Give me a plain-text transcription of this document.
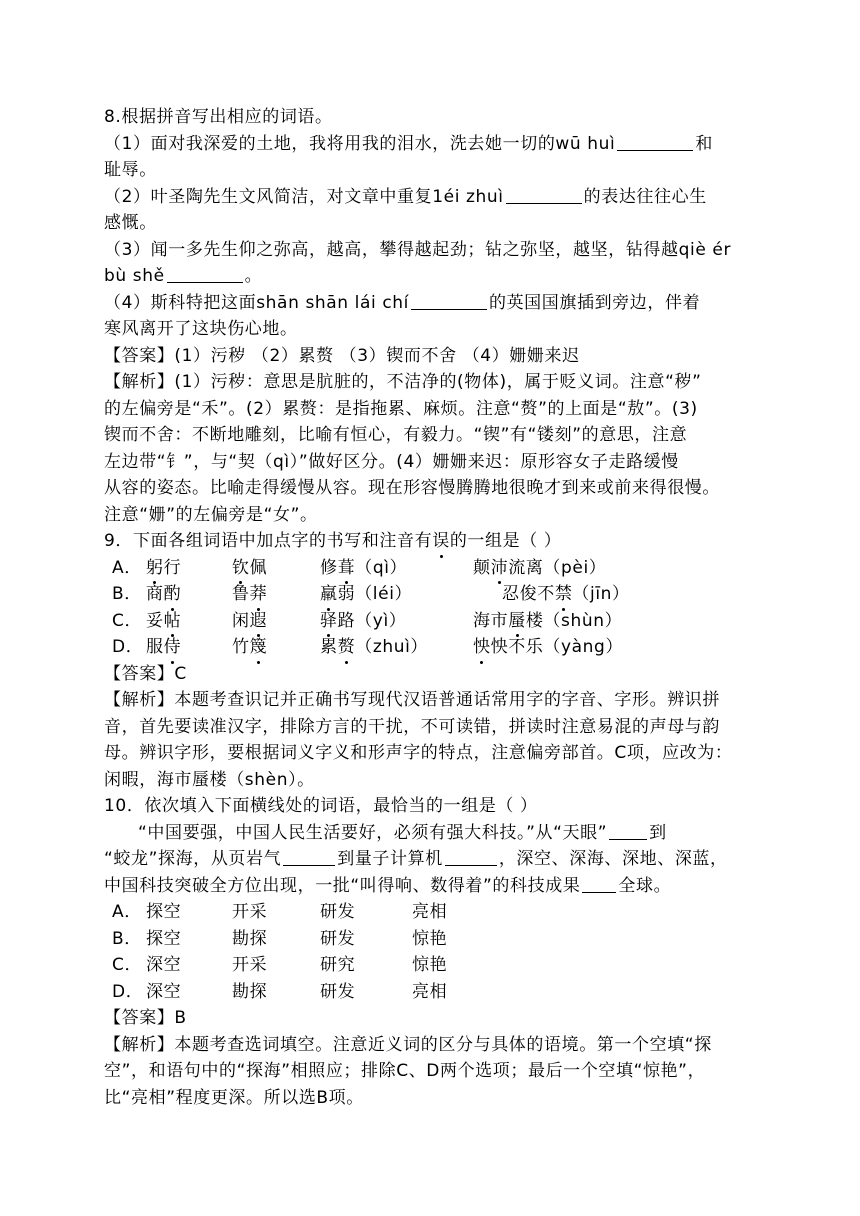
8.根据拼音写出相应的词语。
（1）面对我深爱的土地，我将用我的泪水，洗去她一切的wū huì	和
耻辱。
（2）叶圣陶先生文风简洁，对文章中重复1éi zhuì	的表达往往心生
感慨。
（3）闻一多先生仰之弥高，越高，攀得越起劲；钻之弥坚，越坚，钻得越qiè ér
bù shě	。
（4）斯科特把这面shān shān lái chí	的英国国旗插到旁边，伴着
寒风离开了这块伤心地。
【答案】(1）污秽 （2）累赘 （3）锲而不舍 （4）姗姗来迟
【解析】(1）污秽：意思是肮脏的，不洁净的(物体)，属于贬义词。注意“秽”
的左偏旁是“禾”。(2）累赘：是指拖累、麻烦。注意“赘”的上面是“敖”。(3)
锲而不舍：不断地雕刻，比喻有恒心，有毅力。“锲”有“镂刻”的意思，注意
左边带“钅”，与“契（qì）”做好区分。(4）姗姗来迟：原形容女子走路缓慢
从容的姿态。比喻走得缓慢从容。现在形容慢腾腾地很晚才到来或前来得很慢。
注意“姗”的左偏旁是“女”。
9．下面各组词语中加点字的书写和注音有误的一组是（ ）
A． 躬行	钦佩	修葺（qì）	颠沛流离（pèi）
B． 商酌	鲁莽	羸弱（léi）	忍俊不禁（jīn）
C． 妥帖	闲遐	驿路（yì）	海市蜃楼（shùn）
D． 服侍	竹篾	累赘（zhuì）	怏怏不乐（yàng）
【答案】C
【解析】本题考查识记并正确书写现代汉语普通话常用字的字音、字形。辨识拼
音，首先要读准汉字，排除方言的干扰，不可读错，拼读时注意易混的声母与韵
母。辨识字形，要根据词义字义和形声字的特点，注意偏旁部首。C项，应改为：
闲暇，海市蜃楼（shèn）。
10．依次填入下面横线处的词语，最恰当的一组是（ ）
“中国要强，中国人民生活要好，必须有强大科技。”从“天眼” 到
“蛟龙”探海，从页岩气	到量子计算机	，深空、深海、深地、深蓝，
中国科技突破全方位出现，一批“叫得响、数得着”的科技成果 全球。
A． 探空	开采	研发	亮相
B． 探空	勘探	研发	惊艳
C． 深空	开采	研究	惊艳
D． 深空	勘探	研发	亮相
【答案】B
【解析】本题考查选词填空。注意近义词的区分与具体的语境。第一个空填“探
空”，和语句中的“探海”相照应；排除C、D两个选项；最后一个空填“惊艳”，
比“亮相”程度更深。所以选B项。
